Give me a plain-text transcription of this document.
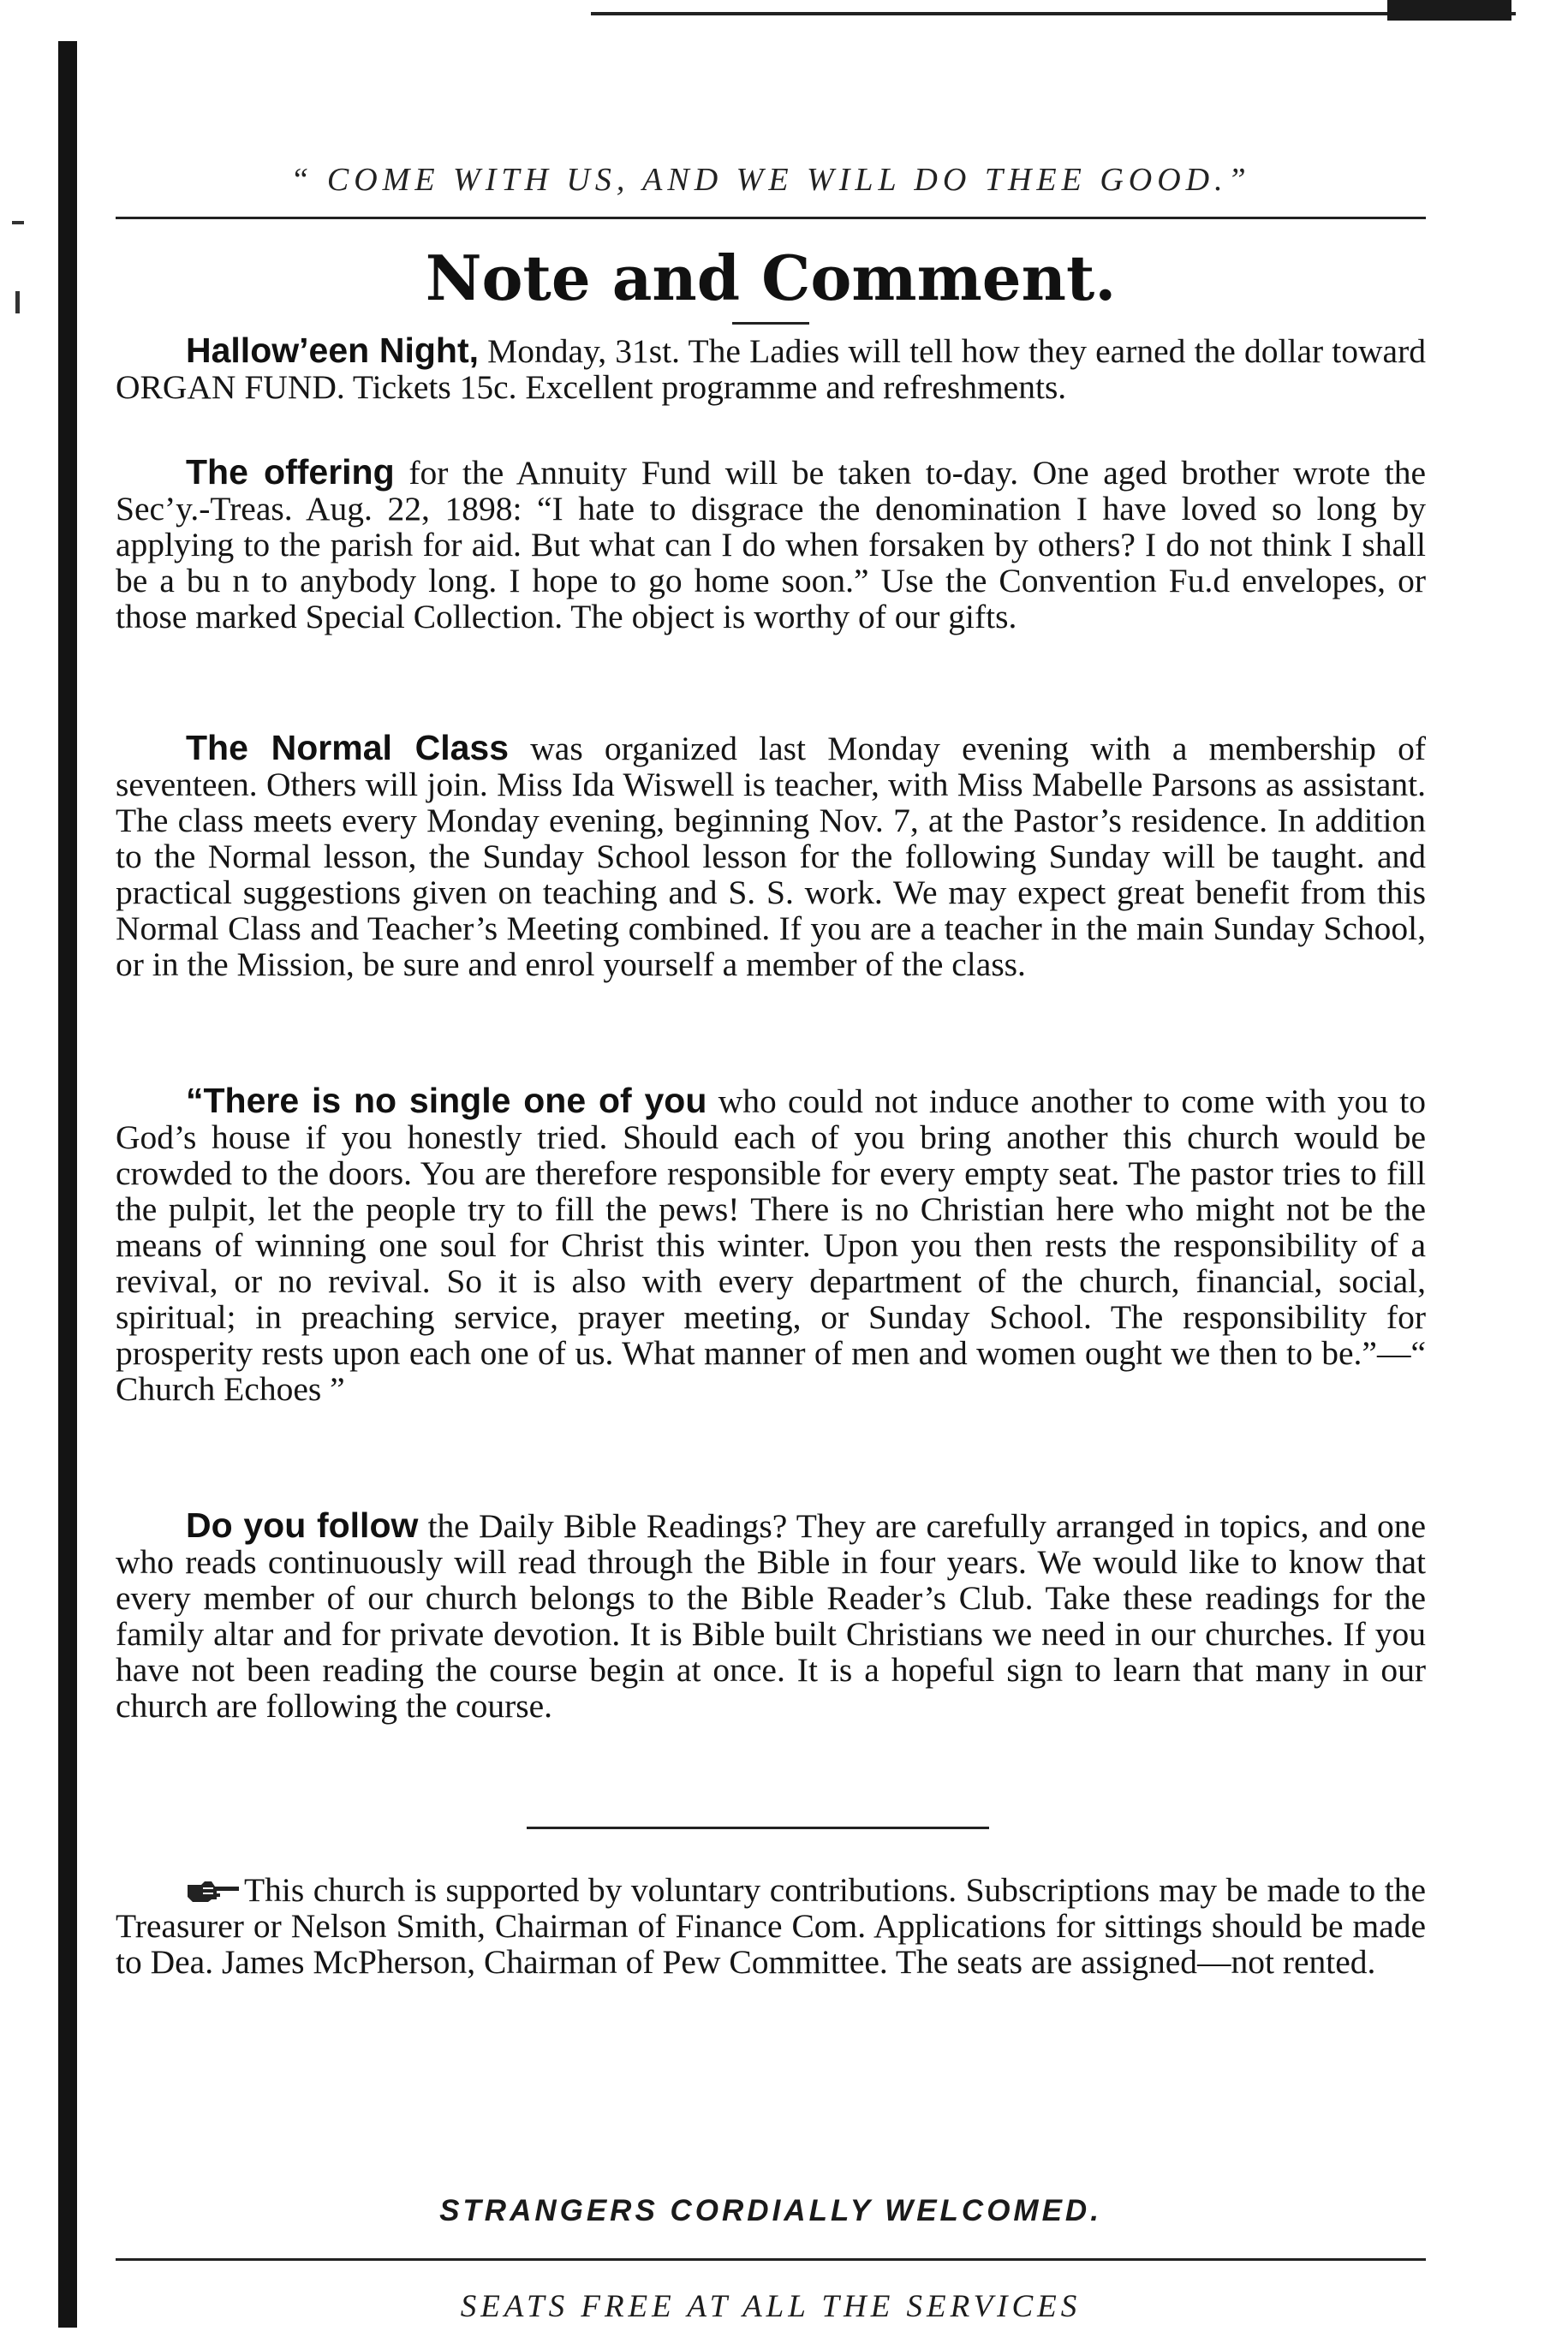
“ COME WITH US, AND WE WILL DO THEE GOOD.”
Note and Comment.

Hallow’een Night, Monday, 31st. The Ladies will tell how they earned the dollar toward ORGAN FUND. Tickets 15c. Excellent programme and refreshments.

The offering for the Annuity Fund will be taken to-day. One aged brother wrote the Sec’y.-Treas. Aug. 22, 1898: “I hate to disgrace the denomination I have loved so long by applying to the parish for aid. But what can I do when forsaken by others? I do not think I shall be a bu n to anybody long. I hope to go home soon.” Use the Convention Fu.d envelopes, or those marked Special Collection. The object is worthy of our gifts.

The Normal Class was organized last Monday evening with a membership of seventeen. Others will join. Miss Ida Wiswell is teacher, with Miss Mabelle Parsons as assistant. The class meets every Monday evening, beginning Nov. 7, at the Pastor’s residence. In addition to the Normal lesson, the Sunday School lesson for the following Sunday will be taught. and practical suggestions given on teaching and S. S. work. We may expect great benefit from this Normal Class and Teacher’s Meeting combined. If you are a teacher in the main Sunday School, or in the Mission, be sure and enrol yourself a member of the class.

“There is no single one of you who could not induce another to come with you to God’s house if you honestly tried. Should each of you bring another this church would be crowded to the doors. You are therefore responsible for every empty seat. The pastor tries to fill the pulpit, let the people try to fill the pews! There is no Christian here who might not be the means of winning one soul for Christ this winter. Upon you then rests the responsibility of a revival, or no revival. So it is also with every department of the church, financial, social, spiritual; in preaching service, prayer meeting, or Sunday School. The responsibility for prosperity rests upon each one of us. What manner of men and women ought we then to be.”—“ Church Echoes ”

Do you follow the Daily Bible Readings? They are carefully arranged in topics, and one who reads continuously will read through the Bible in four years. We would like to know that every member of our church belongs to the Bible Reader’s Club. Take these readings for the family altar and for private devotion. It is Bible built Christians we need in our churches. If you have not been reading the course begin at once. It is a hopeful sign to learn that many in our church are following the course.

This church is supported by voluntary contributions. Subscriptions may be made to the Treasurer or Nelson Smith, Chairman of Finance Com. Applications for sittings should be made to Dea. James McPherson, Chairman of Pew Committee. The seats are assigned—not rented.

STRANGERS CORDIALLY WELCOMED.
SEATS FREE AT ALL THE SERVICES
